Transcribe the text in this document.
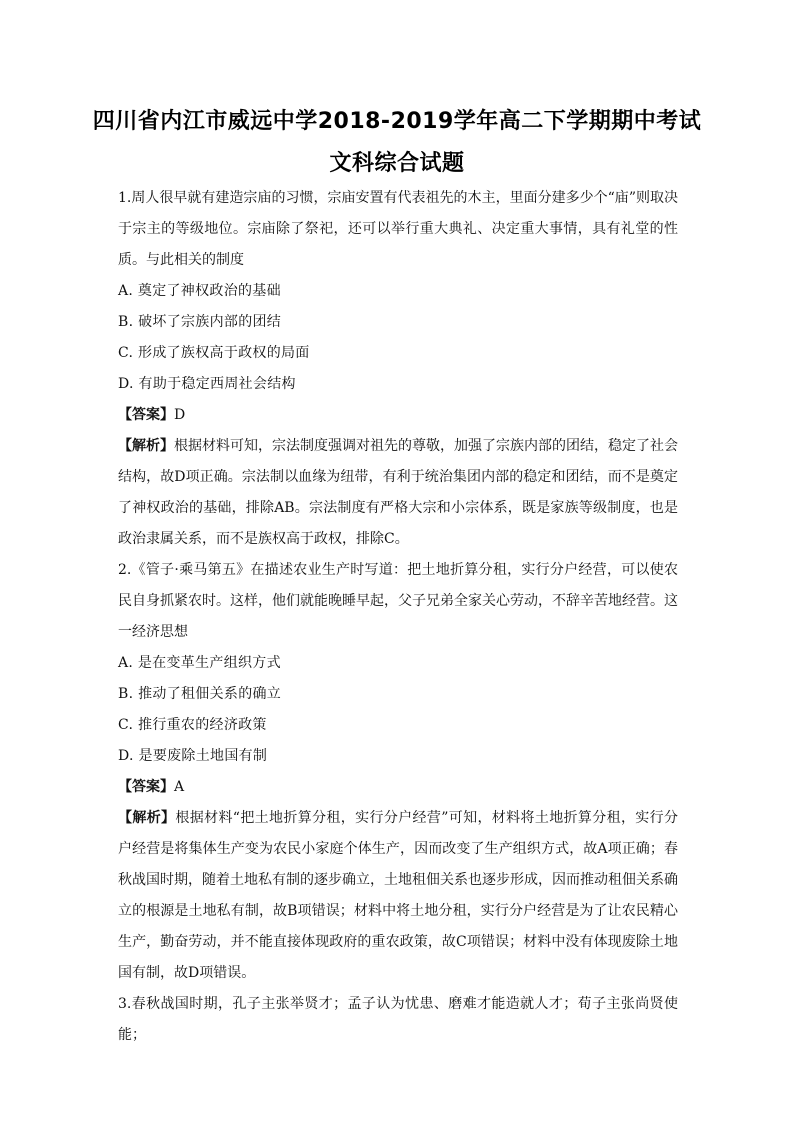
四川省内江市威远中学2018-2019学年高二下学期期中考试
文科综合试题

1.周人很早就有建造宗庙的习惯，宗庙安置有代表祖先的木主，里面分建多少个“庙”则取决于宗主的等级地位。宗庙除了祭祀，还可以举行重大典礼、决定重大事情，具有礼堂的性质。与此相关的制度

A. 奠定了神权政治的基础

B. 破坏了宗族内部的团结

C. 形成了族权高于政权的局面

D. 有助于稳定西周社会结构

【答案】D

【解析】根据材料可知，宗法制度强调对祖先的尊敬，加强了宗族内部的团结，稳定了社会结构，故D项正确。宗法制以血缘为纽带，有利于统治集团内部的稳定和团结，而不是奠定了神权政治的基础，排除AB。宗法制度有严格大宗和小宗体系，既是家族等级制度，也是政治隶属关系，而不是族权高于政权，排除C。

2.《管子·乘马第五》在描述农业生产时写道：把土地折算分租，实行分户经营，可以使农民自身抓紧农时。这样，他们就能晚睡早起，父子兄弟全家关心劳动，不辞辛苦地经营。这一经济思想

A. 是在变革生产组织方式

B. 推动了租佃关系的确立

C. 推行重农的经济政策

D. 是要废除土地国有制

【答案】A

【解析】根据材料“把土地折算分租，实行分户经营”可知，材料将土地折算分租，实行分户经营是将集体生产变为农民小家庭个体生产，因而改变了生产组织方式，故A项正确；春秋战国时期，随着土地私有制的逐步确立，土地租佃关系也逐步形成，因而推动租佃关系确立的根源是土地私有制，故B项错误；材料中将土地分租，实行分户经营是为了让农民精心生产，勤奋劳动，并不能直接体现政府的重农政策，故C项错误；材料中没有体现废除土地国有制，故D项错误。

3.春秋战国时期，孔子主张举贤才；孟子认为忧患、磨难才能造就人才；荀子主张尚贤使能；
